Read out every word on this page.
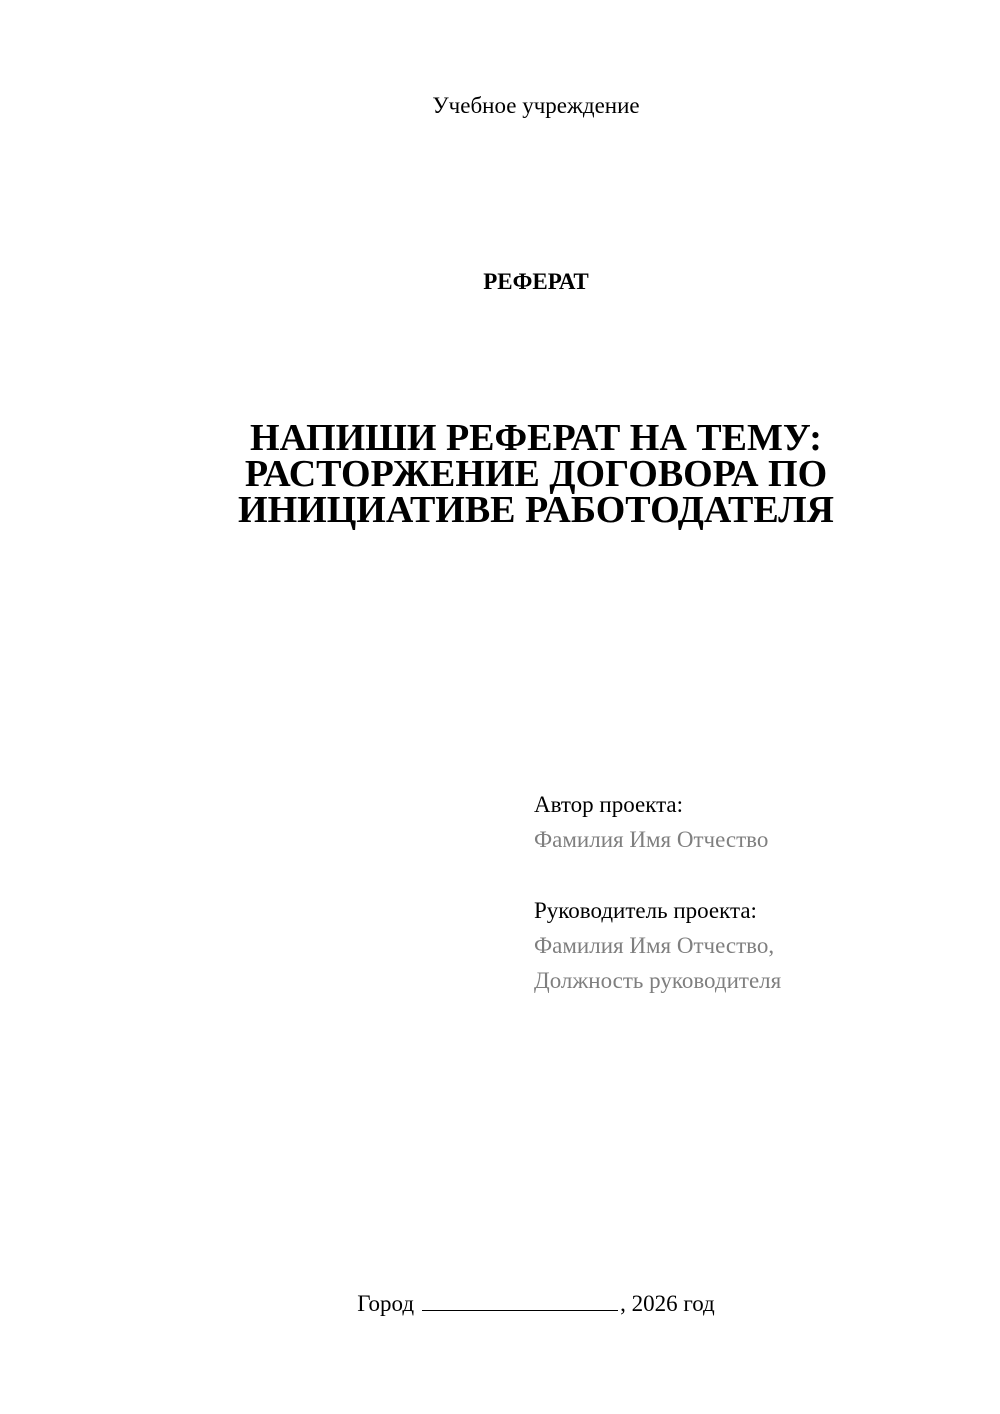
Учебное учреждение
РЕФЕРАТ
НАПИШИ РЕФЕРАТ НА ТЕМУ:
РАСТОРЖЕНИЕ ДОГОВОРА ПО
ИНИЦИАТИВЕ РАБОТОДАТЕЛЯ
Автор проекта:
Фамилия Имя Отчество
Руководитель проекта:
Фамилия Имя Отчество,
Должность руководителя
Город	, 2026 год
